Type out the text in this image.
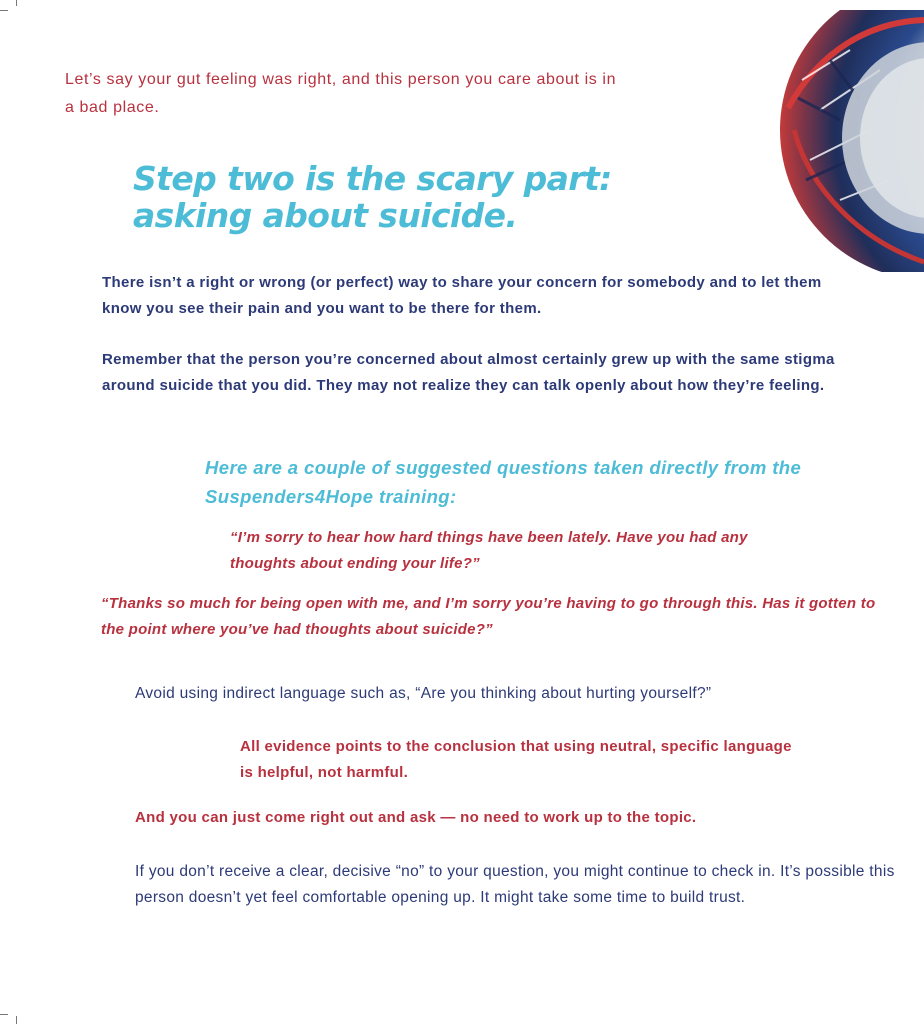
Let’s say your gut feeling was right, and this person you care about is in a bad place.

Step two is the scary part:
asking about suicide.

There isn’t a right or wrong (or perfect) way to share your concern for somebody and to let them know you see their pain and you want to be there for them.

Remember that the person you’re concerned about almost certainly grew up with the same stigma around suicide that you did. They may not realize they can talk openly about how they’re feeling.

Here are a couple of suggested questions taken directly from the Suspenders4Hope training:

“I’m sorry to hear how hard things have been lately. Have you had any thoughts about ending your life?”

“Thanks so much for being open with me, and I’m sorry you’re having to go through this. Has it gotten to the point where you’ve had thoughts about suicide?”

Avoid using indirect language such as, “Are you thinking about hurting yourself?”

All evidence points to the conclusion that using neutral, specific language is helpful, not harmful.

And you can just come right out and ask — no need to work up to the topic.

If you don’t receive a clear, decisive “no” to your question, you might continue to check in. It’s possible this person doesn’t yet feel comfortable opening up. It might take some time to build trust.
